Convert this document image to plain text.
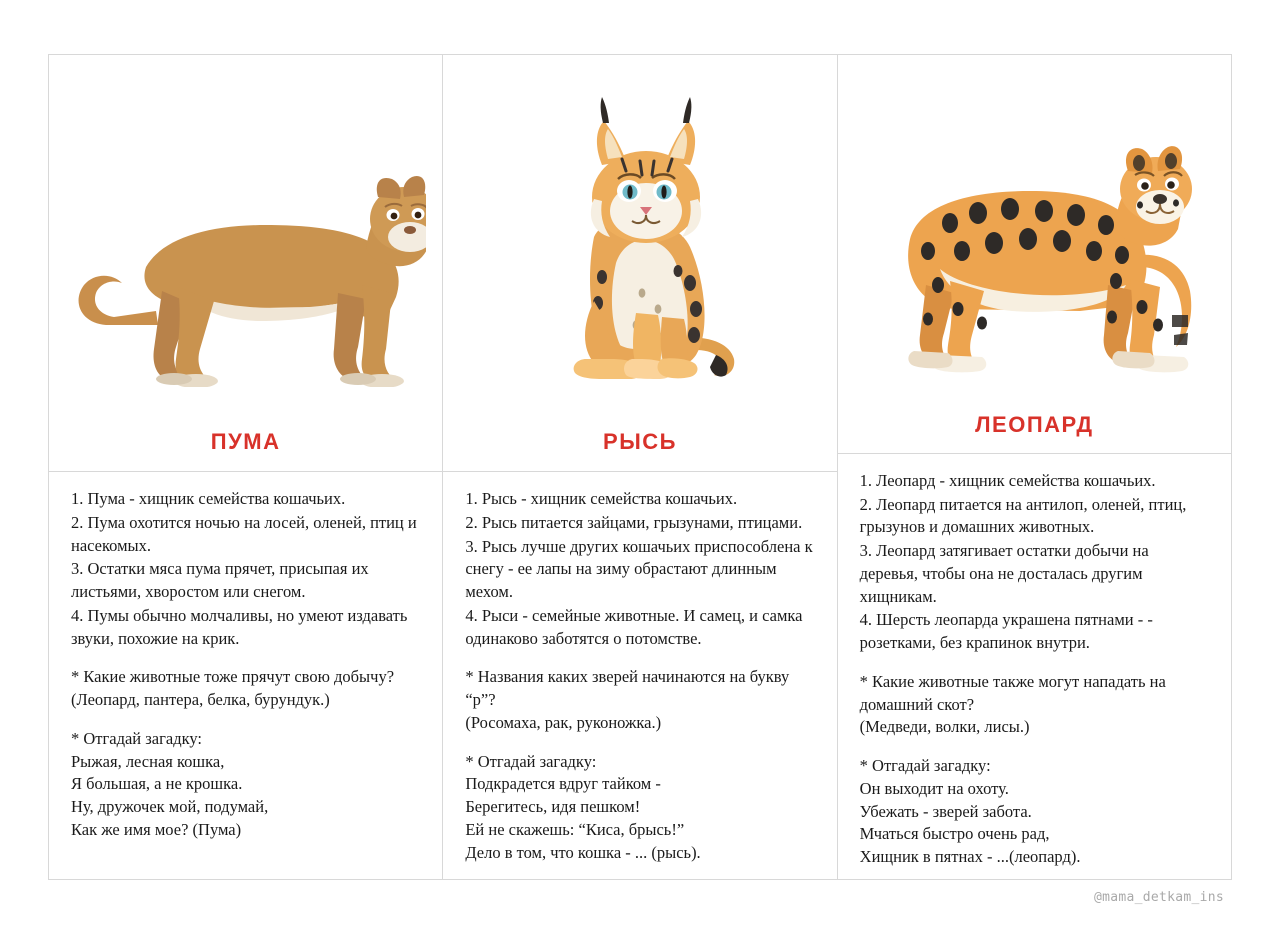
ПУМА

1. Пума - хищник семейства кошачьих.

2. Пума охотится ночью на лосей, оленей, птиц и насекомых.

3. Остатки мяса пума прячет, присыпая их листьями, хворостом или снегом.

4. Пумы обычно молчаливы, но умеют издавать звуки, похожие на крик.

* Какие животные тоже прячут свою добычу?

(Леопард, пантера, белка, бурундук.)

* Отгадай загадку:

Рыжая, лесная кошка,

Я большая, а не крошка.

Ну, дружочек мой, подумай,

Как же имя мое? (Пума)

РЫСЬ

1. Рысь - хищник семейства кошачьих.

2. Рысь питается зайцами, грызунами, птицами.

3. Рысь лучше других кошачьих приспособлена к снегу - ее лапы на зиму обрастают длинным мехом.

4. Рыси - семейные животные. И самец, и самка одинаково заботятся о потомстве.

* Названия каких зверей начинаются на букву “р”?

(Росомаха, рак, руконожка.)

* Отгадай загадку:

Подкрадется вдруг тайком -

Берегитесь, идя пешком!

Ей не скажешь: “Киса, брысь!”

Дело в том, что кошка - ... (рысь).

ЛЕОПАРД

1. Леопард - хищник семейства кошачьих.

2. Леопард питается на антилоп, оленей, птиц, грызунов и домашних животных.

3. Леопард затягивает остатки добычи на деревья, чтобы она не досталась другим хищникам.

4. Шерсть леопарда украшена пятнами - - розетками, без крапинок внутри.

* Какие животные также могут нападать на домашний скот?

(Медведи, волки, лисы.)

* Отгадай загадку:

Он выходит на охоту.

Убежать - зверей забота.

Мчаться быстро очень рад,

Хищник в пятнах - ...(леопард).

@mama_detkam_ins
